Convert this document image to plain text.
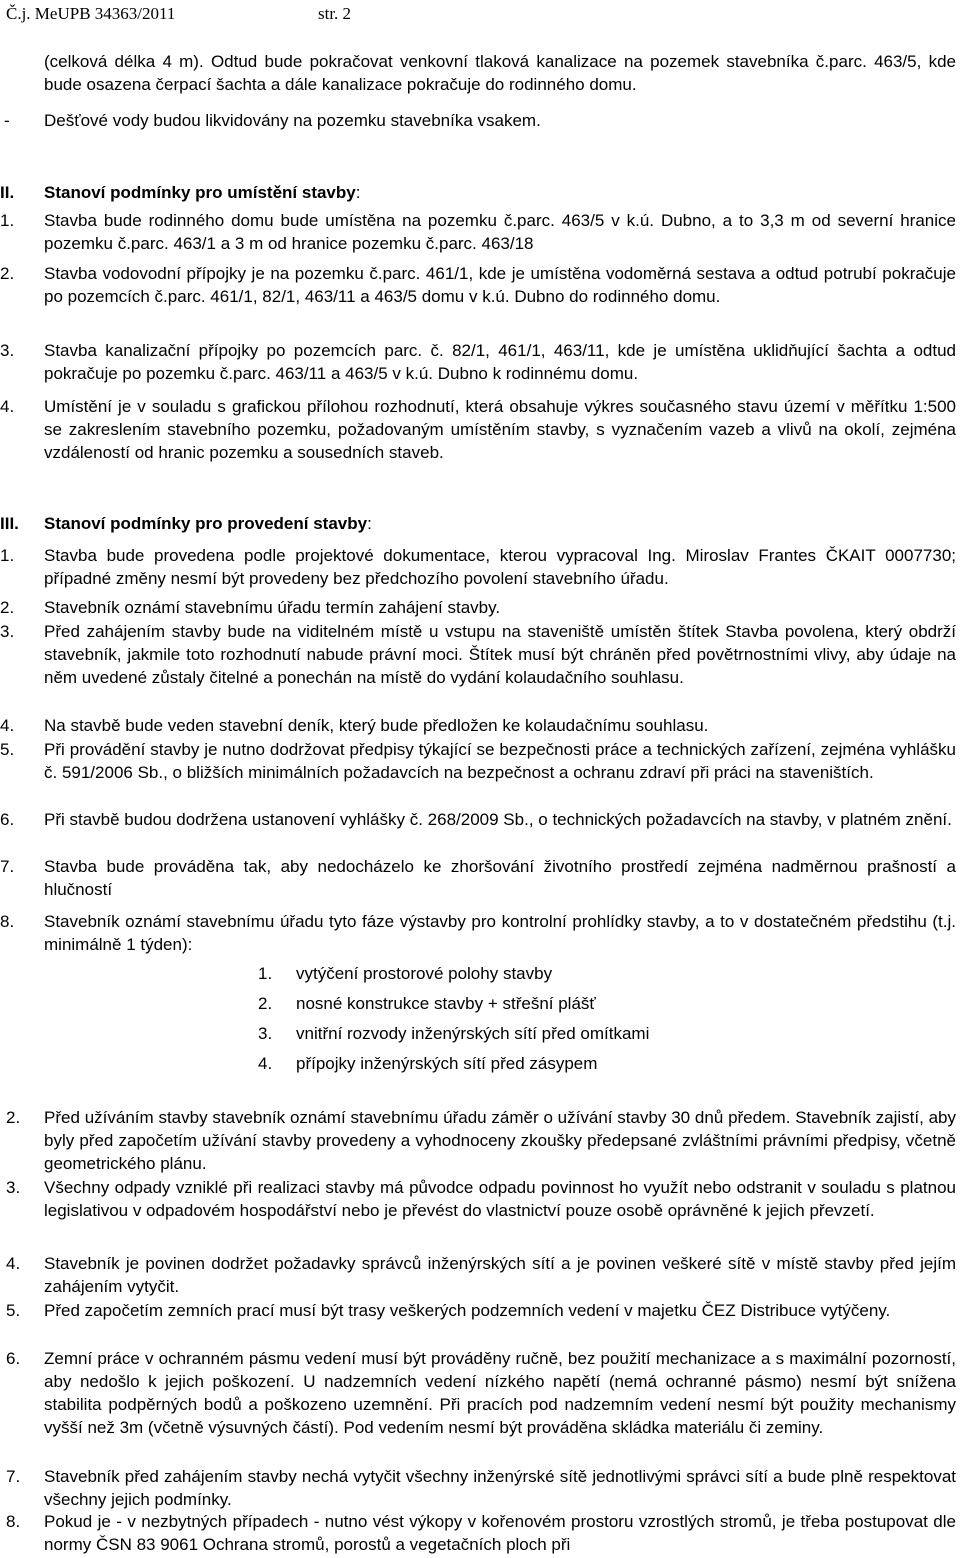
Č.j. MeUPB 34363/2011	str. 2
(celková délka 4 m). Odtud bude pokračovat venkovní tlaková kanalizace na pozemek stavebníka č.parc. 463/5, kde bude osazena čerpací šachta a dále kanalizace pokračuje do rodinného domu.
- Dešťové vody budou likvidovány na pozemku stavebníka vsakem.
II. Stanoví podmínky pro umístění stavby:
1. Stavba bude rodinného domu bude umístěna na pozemku č.parc. 463/5 v k.ú. Dubno, a to 3,3 m od severní hranice pozemku č.parc. 463/1 a 3 m od hranice pozemku č.parc. 463/18
2. Stavba vodovodní přípojky je na pozemku č.parc. 461/1, kde je umístěna vodoměrná sestava a odtud potrubí pokračuje po pozemcích č.parc. 461/1, 82/1, 463/11 a 463/5 domu v k.ú. Dubno do rodinného domu.
3. Stavba kanalizační přípojky po pozemcích parc. č. 82/1, 461/1, 463/11, kde je umístěna uklidňující šachta a odtud pokračuje po pozemku č.parc. 463/11 a 463/5 v k.ú. Dubno k rodinnému domu.
4. Umístění je v souladu s grafickou přílohou rozhodnutí, která obsahuje výkres současného stavu území v měřítku 1:500 se zakreslením stavebního pozemku, požadovaným umístěním stavby, s vyznačením vazeb a vlivů na okolí, zejména vzdáleností od hranic pozemku a sousedních staveb.
III. Stanoví podmínky pro provedení stavby:
1. Stavba bude provedena podle projektové dokumentace, kterou vypracoval Ing. Miroslav Frantes ČKAIT 0007730; případné změny nesmí být provedeny bez předchozího povolení stavebního úřadu.
2. Stavebník oznámí stavebnímu úřadu termín zahájení stavby.
3. Před zahájením stavby bude na viditelném místě u vstupu na staveniště umístěn štítek Stavba povolena, který obdrží stavebník, jakmile toto rozhodnutí nabude právní moci. Štítek musí být chráněn před povětrnostními vlivy, aby údaje na něm uvedené zůstaly čitelné a ponechán na místě do vydání kolaudačního souhlasu.
4. Na stavbě bude veden stavební deník, který bude předložen ke kolaudačnímu souhlasu.
5. Při provádění stavby je nutno dodržovat předpisy týkající se bezpečnosti práce a technických zařízení, zejména vyhlášku č. 591/2006 Sb., o bližších minimálních požadavcích na bezpečnost a ochranu zdraví při práci na staveništích.
6. Při stavbě budou dodržena ustanovení vyhlášky č. 268/2009 Sb., o technických požadavcích na stavby, v platném znění.
7. Stavba bude prováděna tak, aby nedocházelo ke zhoršování životního prostředí zejména nadměrnou prašností a hlučností
8. Stavebník oznámí stavebnímu úřadu tyto fáze výstavby pro kontrolní prohlídky stavby, a to v dostatečném předstihu (t.j. minimálně 1 týden):
1. vytýčení prostorové polohy stavby
2. nosné konstrukce stavby + střešní plášť
3. vnitřní rozvody inženýrských sítí před omítkami
4. přípojky inženýrských sítí před zásypem
2. Před užíváním stavby stavebník oznámí stavebnímu úřadu záměr o užívání stavby 30 dnů předem. Stavebník zajistí, aby byly před započetím užívání stavby provedeny a vyhodnoceny zkoušky předepsané zvláštními právními předpisy, včetně geometrického plánu.
3. Všechny odpady vzniklé při realizaci stavby má původce odpadu povinnost ho využít nebo odstranit v souladu s platnou legislativou v odpadovém hospodářství nebo je převést do vlastnictví pouze osobě oprávněné k jejich převzetí.
4. Stavebník je povinen dodržet požadavky správců inženýrských sítí a je povinen veškeré sítě v místě stavby před jejím zahájením vytyčit.
5. Před započetím zemních prací musí být trasy veškerých podzemních vedení v majetku ČEZ Distribuce vytýčeny.
6. Zemní práce v ochranném pásmu vedení musí být prováděny ručně, bez použití mechanizace a s maximální pozorností, aby nedošlo k jejich poškození. U nadzemních vedení nízkého napětí (nemá ochranné pásmo) nesmí být snížena stabilita podpěrných bodů a poškozeno uzemnění. Při pracích pod nadzemním vedení nesmí být použity mechanismy vyšší než 3m (včetně výsuvných částí). Pod vedením nesmí být prováděna skládka materiálu či zeminy.
7. Stavebník před zahájením stavby nechá vytyčit všechny inženýrské sítě jednotlivými správci sítí a bude plně respektovat všechny jejich podmínky.
8. Pokud je - v nezbytných případech - nutno vést výkopy v kořenovém prostoru vzrostlých stromů, je třeba postupovat dle normy ČSN 83 9061 Ochrana stromů, porostů a vegetačních ploch při
